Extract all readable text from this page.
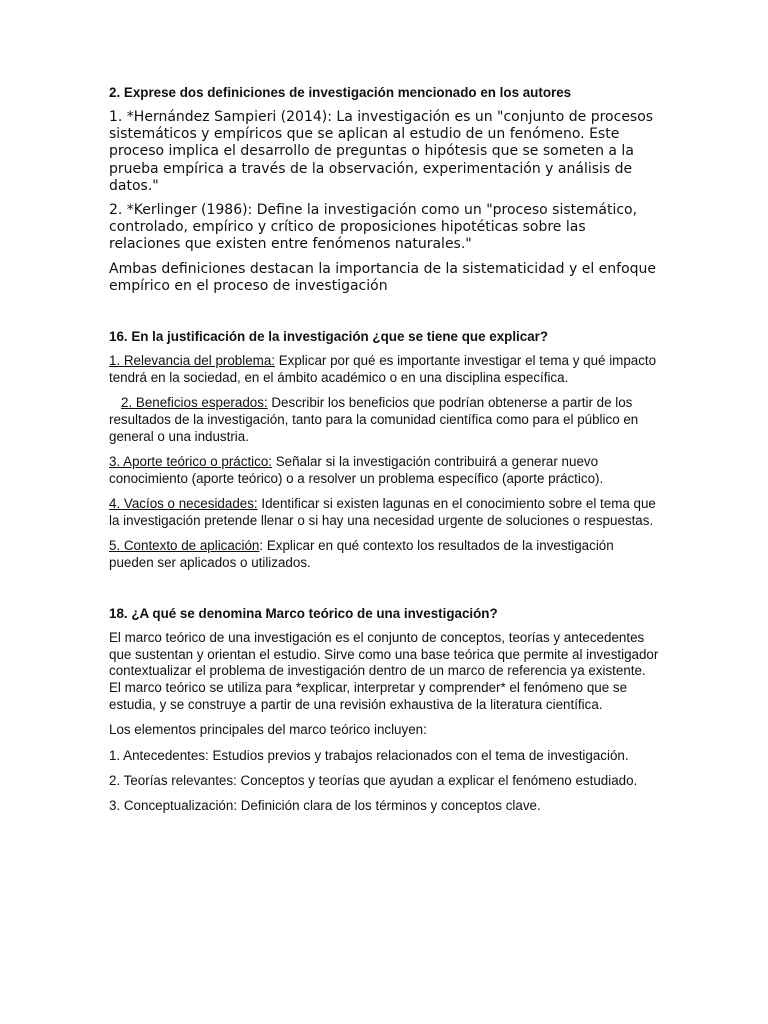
2. Exprese dos definiciones de investigación mencionado en los autores

1. *Hernández Sampieri (2014): La investigación es un "conjunto de procesos sistemáticos y empíricos que se aplican al estudio de un fenómeno. Este proceso implica el desarrollo de preguntas o hipótesis que se someten a la prueba empírica a través de la observación, experimentación y análisis de datos."

2. *Kerlinger (1986): Define la investigación como un "proceso sistemático, controlado, empírico y crítico de proposiciones hipotéticas sobre las relaciones que existen entre fenómenos naturales."

Ambas definiciones destacan la importancia de la sistematicidad y el enfoque empírico en el proceso de investigación

16. En la justificación de la investigación ¿que se tiene que explicar?

1. Relevancia del problema: Explicar por qué es importante investigar el tema y qué impacto tendrá en la sociedad, en el ámbito académico o en una disciplina específica.

2. Beneficios esperados: Describir los beneficios que podrían obtenerse a partir de los resultados de la investigación, tanto para la comunidad científica como para el público en general o una industria.

3. Aporte teórico o práctico: Señalar si la investigación contribuirá a generar nuevo conocimiento (aporte teórico) o a resolver un problema específico (aporte práctico).

4. Vacíos o necesidades: Identificar si existen lagunas en el conocimiento sobre el tema que la investigación pretende llenar o si hay una necesidad urgente de soluciones o respuestas.

5. Contexto de aplicación: Explicar en qué contexto los resultados de la investigación pueden ser aplicados o utilizados.

18. ¿A qué se denomina Marco teórico de una investigación?

El marco teórico de una investigación es el conjunto de conceptos, teorías y antecedentes que sustentan y orientan el estudio. Sirve como una base teórica que permite al investigador contextualizar el problema de investigación dentro de un marco de referencia ya existente. El marco teórico se utiliza para *explicar, interpretar y comprender* el fenómeno que se estudia, y se construye a partir de una revisión exhaustiva de la literatura científica.

Los elementos principales del marco teórico incluyen:

1. Antecedentes: Estudios previos y trabajos relacionados con el tema de investigación.

2. Teorías relevantes: Conceptos y teorías que ayudan a explicar el fenómeno estudiado.

3. Conceptualización: Definición clara de los términos y conceptos clave.
